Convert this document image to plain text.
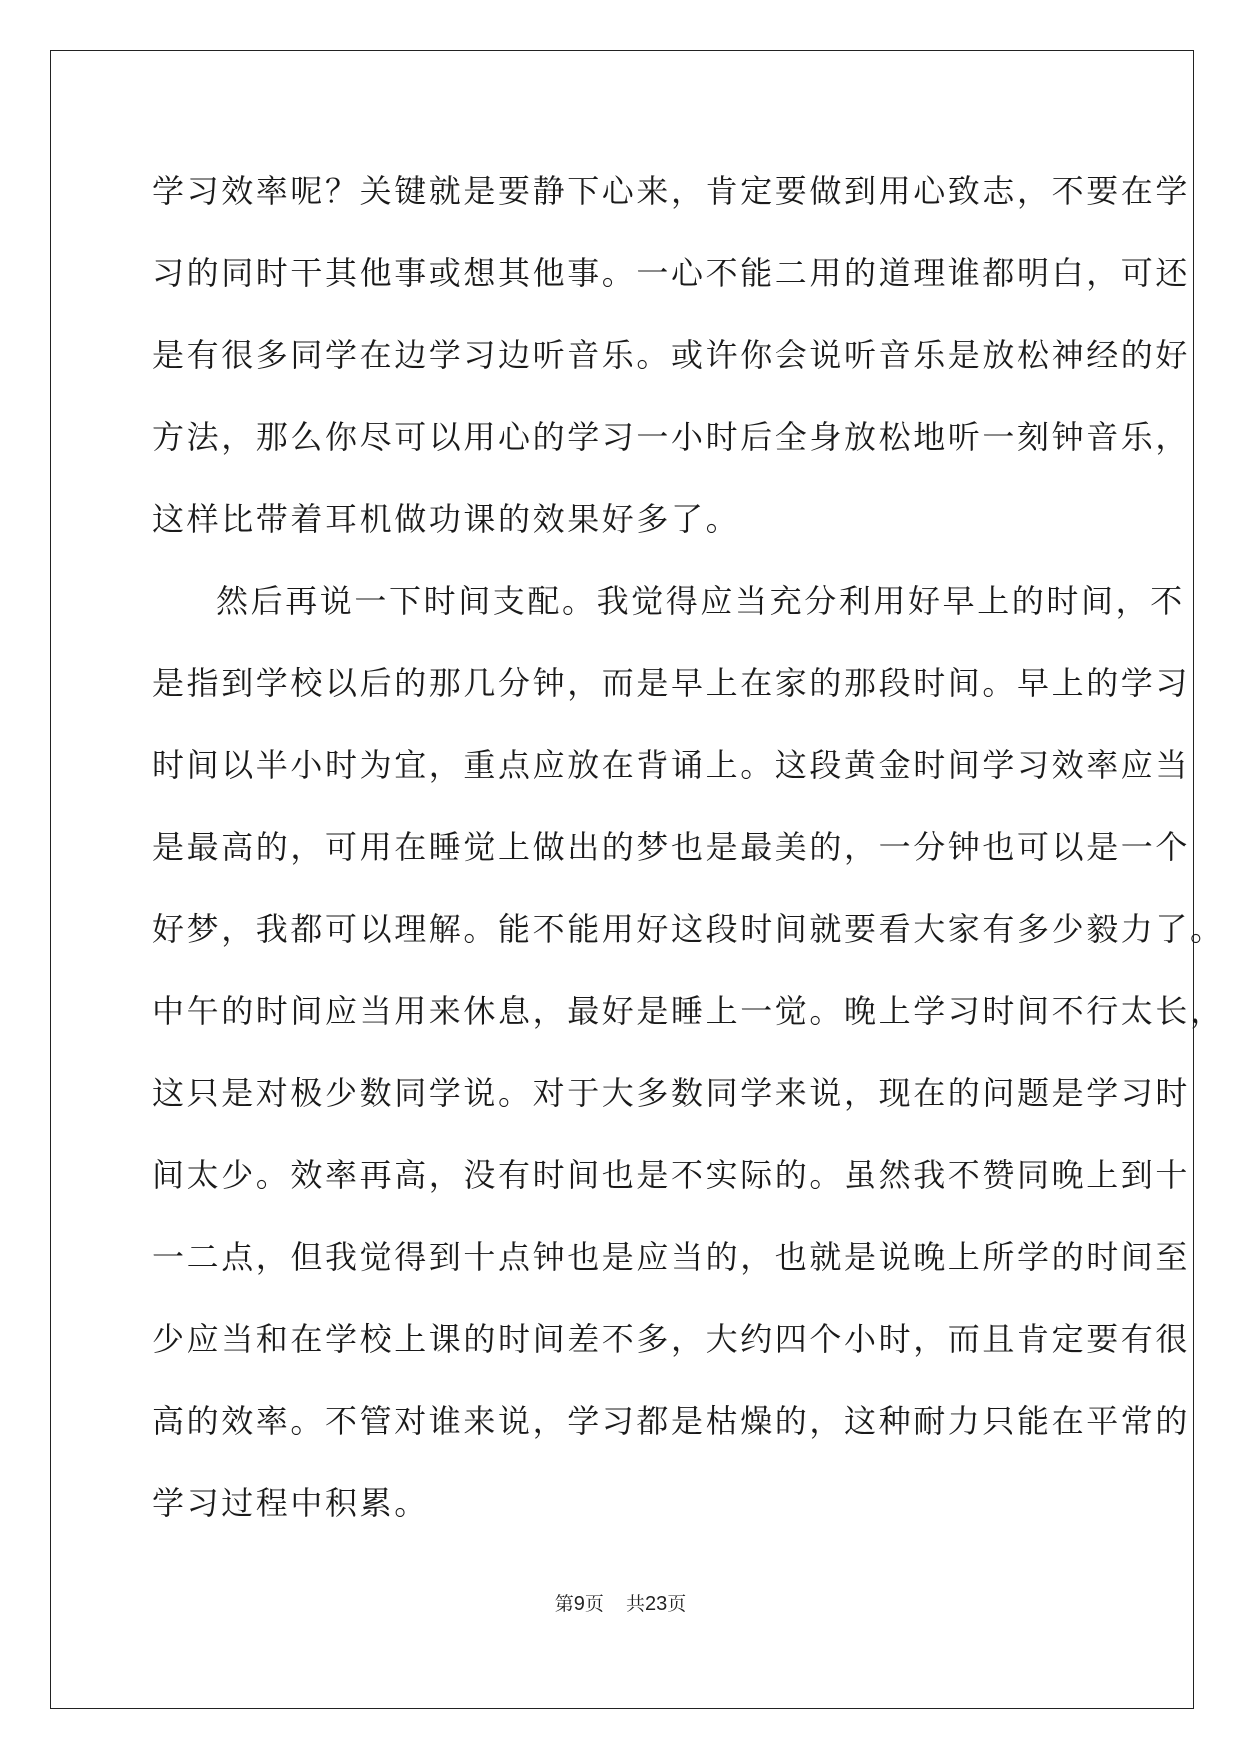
学习效率呢？关键就是要静下心来，肯定要做到用心致志，不要在学
习的同时干其他事或想其他事。一心不能二用的道理谁都明白，可还
是有很多同学在边学习边听音乐。或许你会说听音乐是放松神经的好
方法，那么你尽可以用心的学习一小时后全身放松地听一刻钟音乐，
这样比带着耳机做功课的效果好多了。
然后再说一下时间支配。我觉得应当充分利用好早上的时间，不
是指到学校以后的那几分钟，而是早上在家的那段时间。早上的学习
时间以半小时为宜，重点应放在背诵上。这段黄金时间学习效率应当
是最高的，可用在睡觉上做出的梦也是最美的，一分钟也可以是一个
好梦，我都可以理解。能不能用好这段时间就要看大家有多少毅力了。
中午的时间应当用来休息，最好是睡上一觉。晚上学习时间不行太长，
这只是对极少数同学说。对于大多数同学来说，现在的问题是学习时
间太少。效率再高，没有时间也是不实际的。虽然我不赞同晚上到十
一二点，但我觉得到十点钟也是应当的，也就是说晚上所学的时间至
少应当和在学校上课的时间差不多，大约四个小时，而且肯定要有很
高的效率。不管对谁来说，学习都是枯燥的，这种耐力只能在平常的
学习过程中积累。
第9页 共23页
